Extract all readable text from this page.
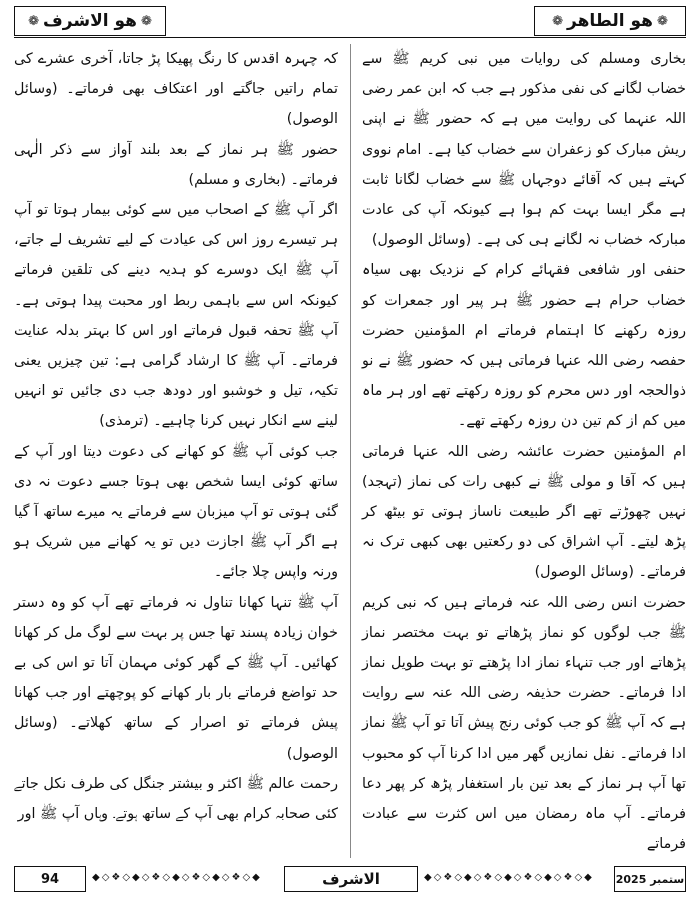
❁ ھو الطاھر ❁
❁ ھو الاشرف ❁

بخاری ومسلم کی روایات میں نبی کریم ﷺ سے خضاب لگانے کی نفی مذکور ہے جب کہ ابن عمر رضی اللہ عنہما کی روایت میں ہے کہ حضور ﷺ نے اپنی ریش مبارک کو زعفران سے خضاب کیا ہے۔ امام نووی کہتے ہیں کہ آقائے دوجہاں ﷺ سے خضاب لگانا ثابت ہے مگر ایسا بہت کم ہوا ہے کیونکہ آپ کی عادت مبارکہ خضاب نہ لگانے ہی کی ہے۔ (وسائل الوصول)

حنفی اور شافعی فقہائے کرام کے نزدیک بھی سیاہ خضاب حرام ہے حضور ﷺ ہر پیر اور جمعرات کو روزہ رکھنے کا اہتمام فرماتے ام المؤمنین حضرت حفصہ رضی اللہ عنہا فرماتی ہیں کہ حضور ﷺ نے نو ذوالحجہ اور دس محرم کو روزہ رکھتے تھے اور ہر ماہ میں کم از کم تین دن روزہ رکھتے تھے۔

ام المؤمنین حضرت عائشہ رضی اللہ عنہا فرماتی ہیں کہ آقا و مولی ﷺ نے کبھی رات کی نماز (تہجد) نہیں چھوڑتے تھے اگر طبیعت ناساز ہوتی تو بیٹھ کر پڑھ لیتے۔ آپ اشراق کی دو رکعتیں بھی کبھی ترک نہ فرماتے۔ (وسائل الوصول)

حضرت انس رضی اللہ عنہ فرماتے ہیں کہ نبی کریم ﷺ جب لوگوں کو نماز پڑھاتے تو بہت مختصر نماز پڑھاتے اور جب تنہاء نماز ادا پڑھتے تو بہت طویل نماز ادا فرماتے۔ حضرت حذیفہ رضی اللہ عنہ سے روایت ہے کہ آپ ﷺ کو جب کوئی رنج پیش آتا تو آپ ﷺ نماز ادا فرماتے۔ نفل نمازیں گھر میں ادا کرنا آپ کو محبوب تھا آپ ہر نماز کے بعد تین بار استغفار پڑھ کر پھر دعا فرماتے۔ آپ ماہ رمضان میں اس کثرت سے عبادت فرماتے

کہ چہرہ اقدس کا رنگ پھیکا پڑ جاتا، آخری عشرے کی تمام راتیں جاگتے اور اعتکاف بھی فرماتے۔ (وسائل الوصول)

حضور ﷺ ہر نماز کے بعد بلند آواز سے ذکر الٰہی فرماتے۔ (بخاری و مسلم)

اگر آپ ﷺ کے اصحاب میں سے کوئی بیمار ہوتا تو آپ ہر تیسرے روز اس کی عیادت کے لیے تشریف لے جاتے، آپ ﷺ ایک دوسرے کو ہدیہ دینے کی تلقین فرماتے کیونکہ اس سے باہمی ربط اور محبت پیدا ہوتی ہے۔ آپ ﷺ تحفہ قبول فرماتے اور اس کا بہتر بدلہ عنایت فرماتے۔ آپ ﷺ کا ارشاد گرامی ہے: تین چیزیں یعنی تکیہ، تیل و خوشبو اور دودھ جب دی جائیں تو انہیں لینے سے انکار نہیں کرنا چاہیے۔ (ترمذی)

جب کوئی آپ ﷺ کو کھانے کی دعوت دیتا اور آپ کے ساتھ کوئی ایسا شخص بھی ہوتا جسے دعوت نہ دی گئی ہوتی تو آپ میزبان سے فرماتے یہ میرے ساتھ آ گیا ہے اگر آپ ﷺ اجازت دیں تو یہ کھانے میں شریک ہو ورنہ واپس چلا جائے۔

آپ ﷺ تنہا کھانا تناول نہ فرماتے تھے آپ کو وہ دستر خوان زیادہ پسند تھا جس پر بہت سے لوگ مل کر کھانا کھائیں۔ آپ ﷺ کے گھر کوئی مہمان آتا تو اس کی بے حد تواضع فرماتے بار بار کھانے کو پوچھتے اور جب کھانا پیش فرماتے تو اصرار کے ساتھ کھلاتے۔ (وسائل الوصول)

رحمت عالم ﷺ اکثر و بیشتر جنگل کی طرف نکل جاتے کئی صحابہ کرام بھی آپ کے ساتھ ہوتے۔ وہاں آپ ﷺ اور

94	◆◇❖◇◆◇❖◇◆◇❖◇◆◇❖◇◆	الاشرف	◆◇❖◇◆◇❖◇◆◇❖◇◆◇❖◇◆	ستمبر 2025
